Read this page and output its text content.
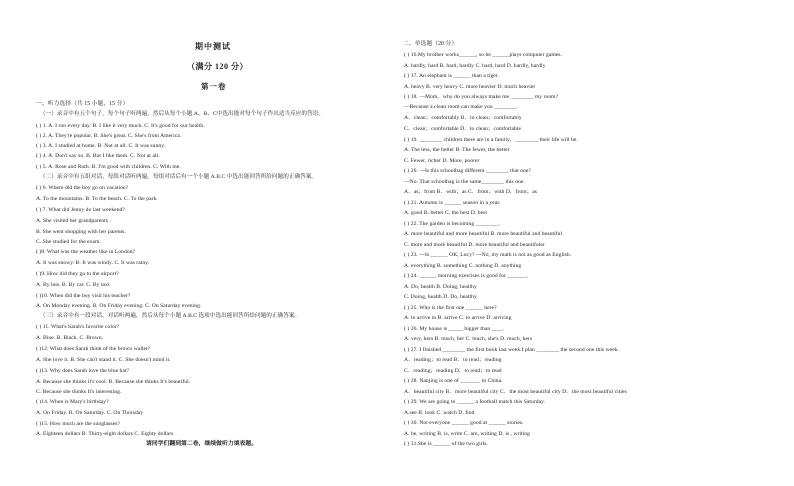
期中测试
（满分 120 分）
第一卷
一、听力选择（共 15 小题，15 分）
（一）录音中有五个句子，每个句子听两遍，然后从每个小题 A、B、C中选出能对每个句子作出适当反应的答语。
( ) 1. A. I run every day. B. I like it very much. C. It's good for our health.
( ) 2. A. They're popular. B. She's great. C. She's from America.
( ) 3. A. I studied at home. B. Not at all. C. It was sunny.
( ) 4. A. Don't say so. B. But I like them. C. Not at all.
( ) 5. A. Rose and Ruth. B. I'm good with children. C. With me.
（二）录音中有五组对话，每组对话听两遍，每组对话后有一个小题 A.B.C 中选出能回答所给问题的正确答案。
( ) 6. Where did the boy go on vacation?
A. To the mountains. B. To the beach. C. To the park.
( ) 7. What did Jenny do last weekend?
A. She visited her grandparents .
B. She went shopping with her parents.
C. She studied for the exam.
( )8. What was the weather like in London?
A. It was snowy. B. It was windy. C. It was rainy.
( )9. How did they go to the airport?
A. By bus. B. By car. C. By taxi
( )10. When did the boy visit his teacher?
A. On Monday evening. B. On Friday evening. C. On Saturday evening.
（三）录音中有一段对话，对话听两遍，然后从每个小题 A.B.C 选项中选出能回答所给问题的正确答案。
( ) 11. What's Sarah's favorite color?
A. Blue. B. Black. C. Brown.
( )12. What does Sarah think of the brown wallet?
A. She love it. B. She can't stand it. C. She doesn't mind it.
( )13. Why does Sarah love the blue hat?
A. Because she thinks it's cool. B. Because she thinks It's beautiful.
C. Because she thinks It's interesting.
( )14. When is Mary's birthday?
A. On Friday. B. On Saturday. C. On Thursday
( )15. How much are the sunglasses?
A. Eighteen dollars B. Thirty-eight dollars C. Eighty dollars
请同学们翻到第二卷，继续做听力填表题。
二、单选题（20 分）
( ) 16.My brother works______, so he ______plays computer games.
A. hardly, hard B. hard, hardly C. hard, hard D. hardly, hardly
( ) 17. An elephant is ______ than a tiger.
A. heavy B. very heavy C. more heavier D. much heavier
( ) 18. —Mom，why do you always make me ________ my room?
—Because a clean room can make you ________.
A．clean；comfortably B．to clean；comfortably
C．clean；comfortable D．to clean；comfortable
( ) 19. ________ children there are in a family，________ their life will be.
A. The less, the better B. The fewer, the better
C. Fewer, richer D. More, poorer
( ) 20. —Is this schoolbag different ________ that one?
—No. That schoolbag is the same________ this one.
A．as；from B．with；as C．from；with D．from；as
( ) 21. Autumn is ______ season in a year.
A. good B. better C. the best D. best
( ) 22. The garden is becoming ________.
A. more beautiful and more beautiful B. more beautiful and beautiful
C. more and more beautiful D. more beautiful and beautifuler
( ) 23. ---Is ______ OK, Lucy? ---No, my math is not as good as English.
A. everything B. something C. nothing D. anything
( ) 24. ______ morning exercises is good for _______.
A. Do, health B. Doing, healthy
C. Doing, health D. Do, healthy
( ) 25. Who is the first one ______ here?
A. to arrive in B. arrive C. to arrive D. arriving
( ) 26. My house is _____ bigger than ____.
A. very, hers B. much, her C. much, she's D. much, hers
( ) 27. I finished ________ the first book last week.I plan ________ the second one this week.
A．reading；to read B．to read；reading
C．reading；reading D．to read；to read
( ) 28. Nanjing is one of _______ in China.
A．beautiful city B．more beautiful city C．the most beautiful city D．the most beautiful cities
( ) 29. We are going to ______ a football match this Saturday.
A.see B. look C. watch D. find
( ) 30. Not everyone ______ good at ______ stories.
A. be, writing B. is, write C. are, writing D. is , writing
( ) 31.She is ______ of the two girls.
